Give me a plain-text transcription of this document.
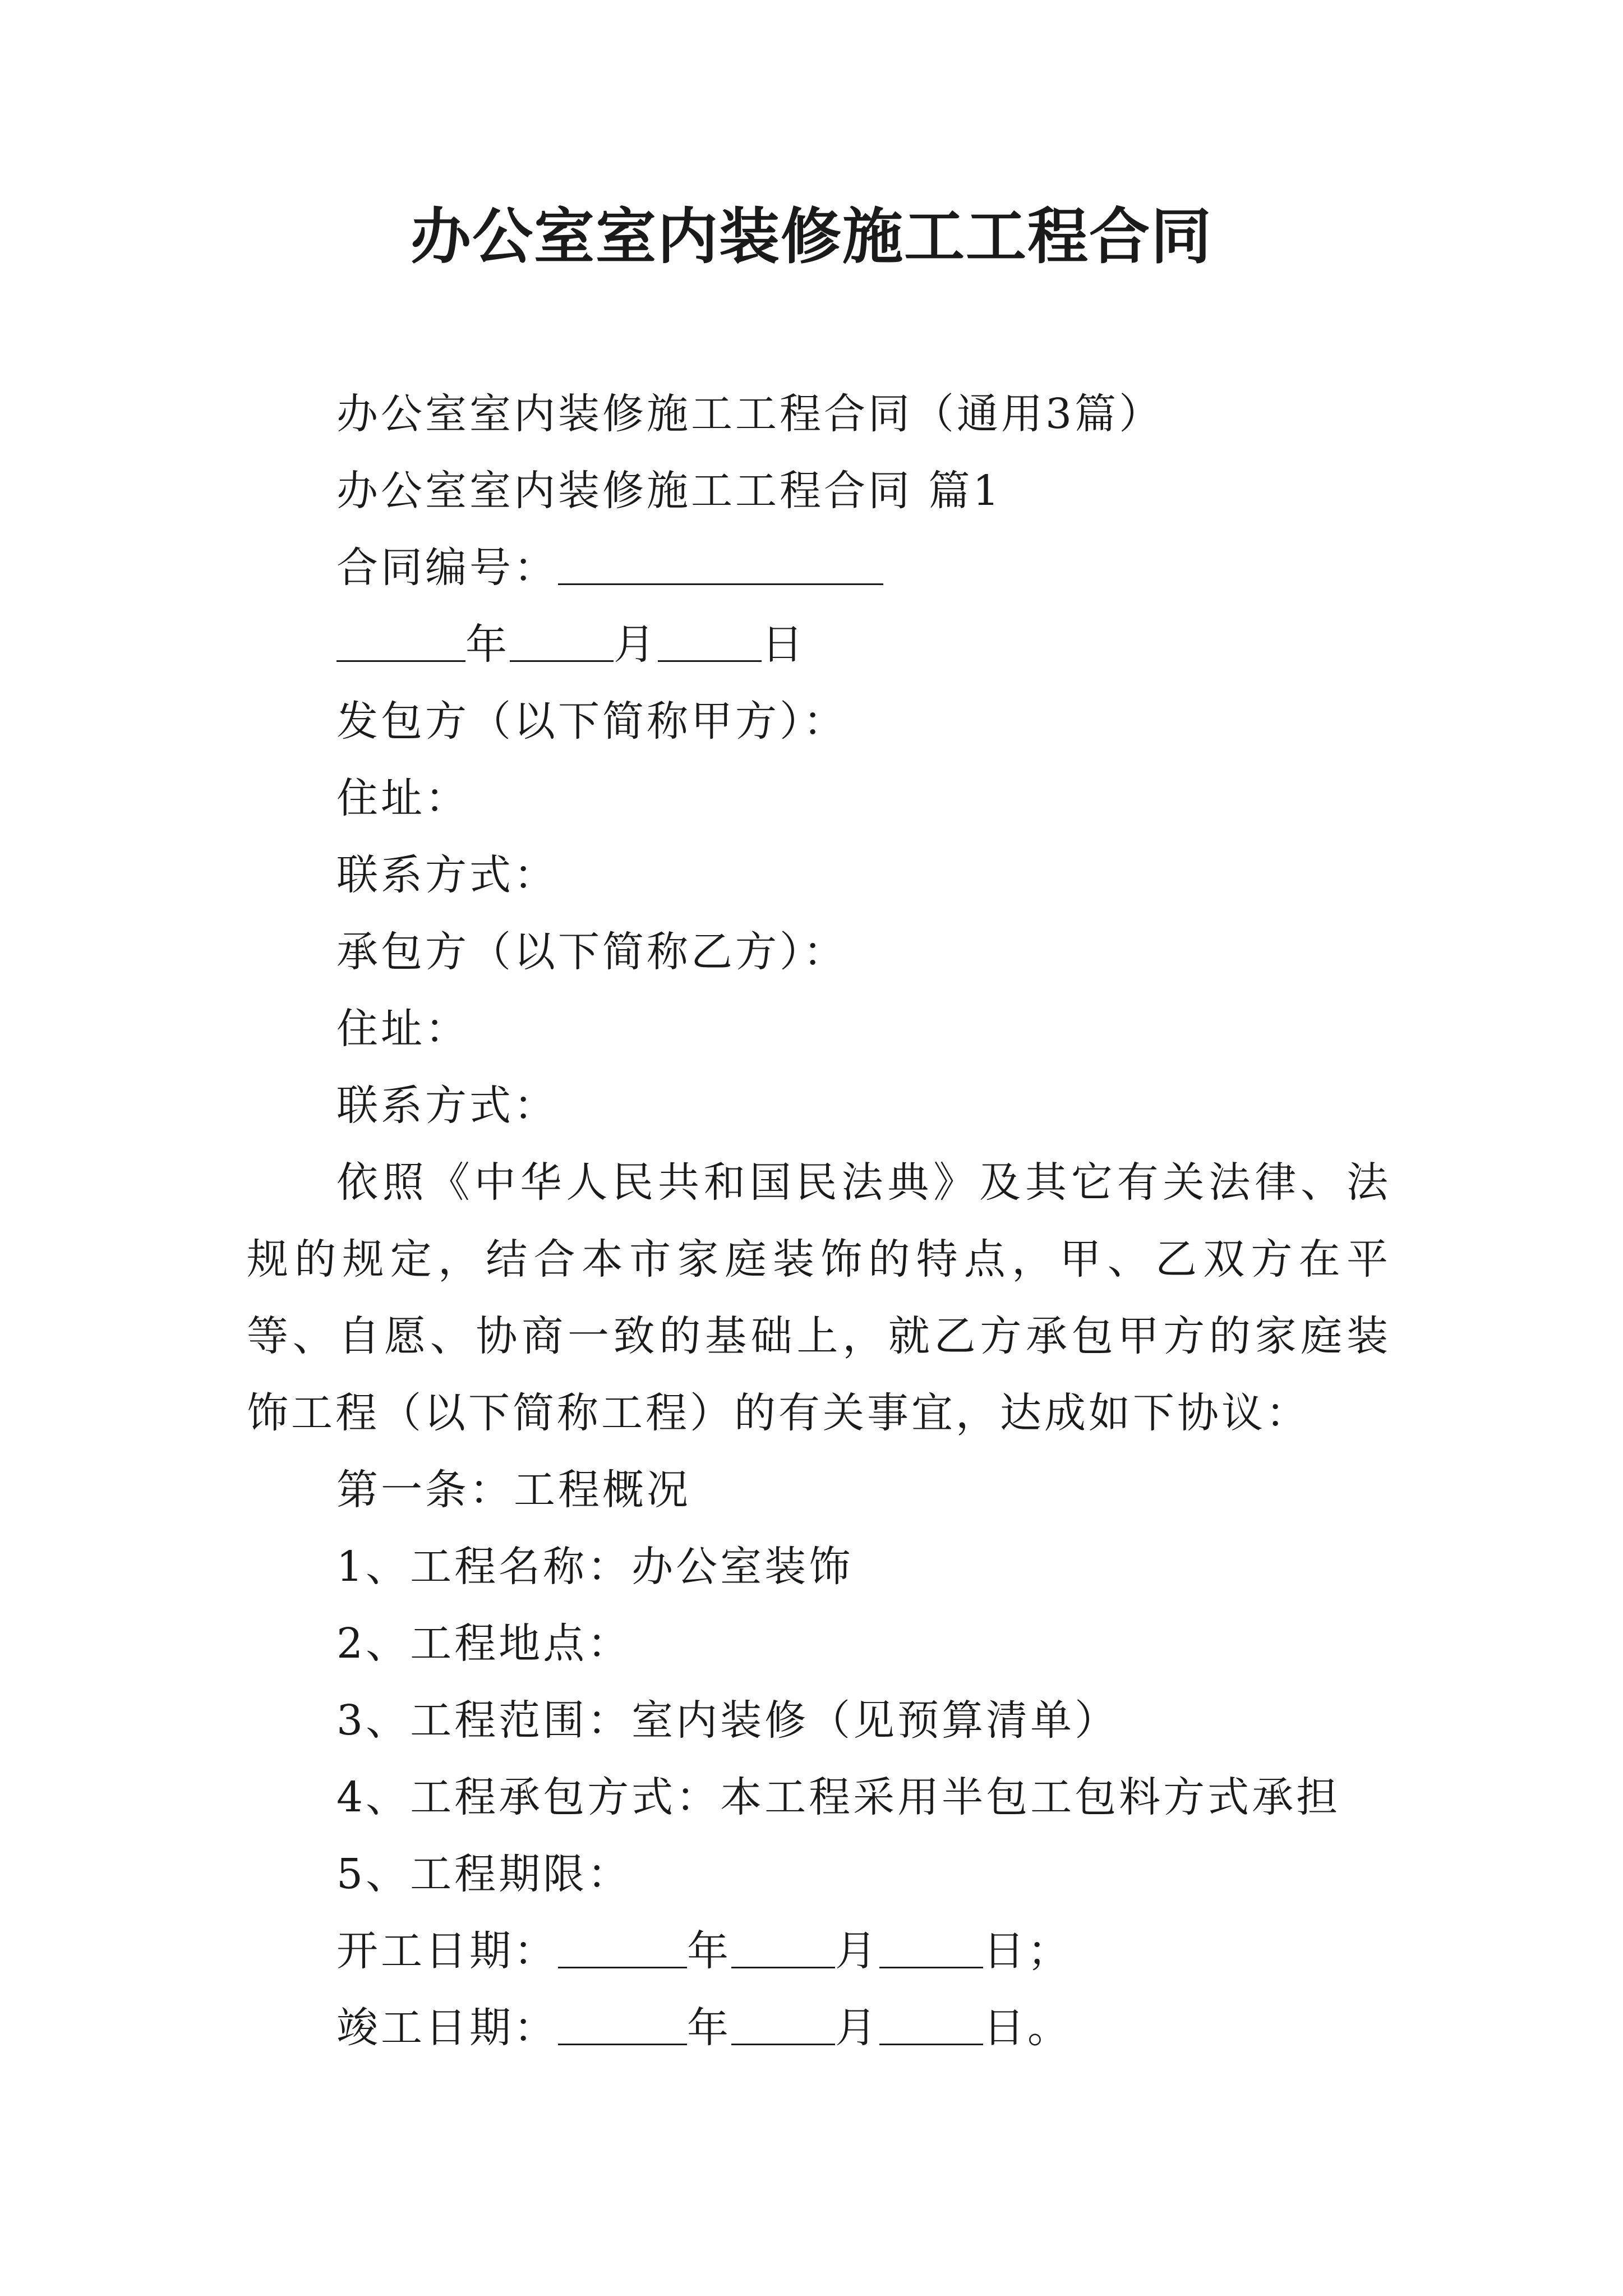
办公室室内装修施工工程合同
办公室室内装修施工工程合同（通用3篇）
办公室室内装修施工工程合同 篇1
合同编号：
年	月	日
发包方（以下简称甲方）：
住址：
联系方式：
承包方（以下简称乙方）：
住址：
联系方式：

依照《中华人民共和国民法典》及其它有关法律、法规的规定，结合本市家庭装饰的特点，甲、乙双方在平等、自愿、协商一致的基础上，就乙方承包甲方的家庭装饰工程（以下简称工程）的有关事宜，达成如下协议：

第一条：工程概况
1、工程名称：办公室装饰
2、工程地点：
3、工程范围：室内装修（见预算清单）
4、工程承包方式：本工程采用半包工包料方式承担
5、工程期限：
开工日期：	年	月	日；
竣工日期：	年	月	日。
